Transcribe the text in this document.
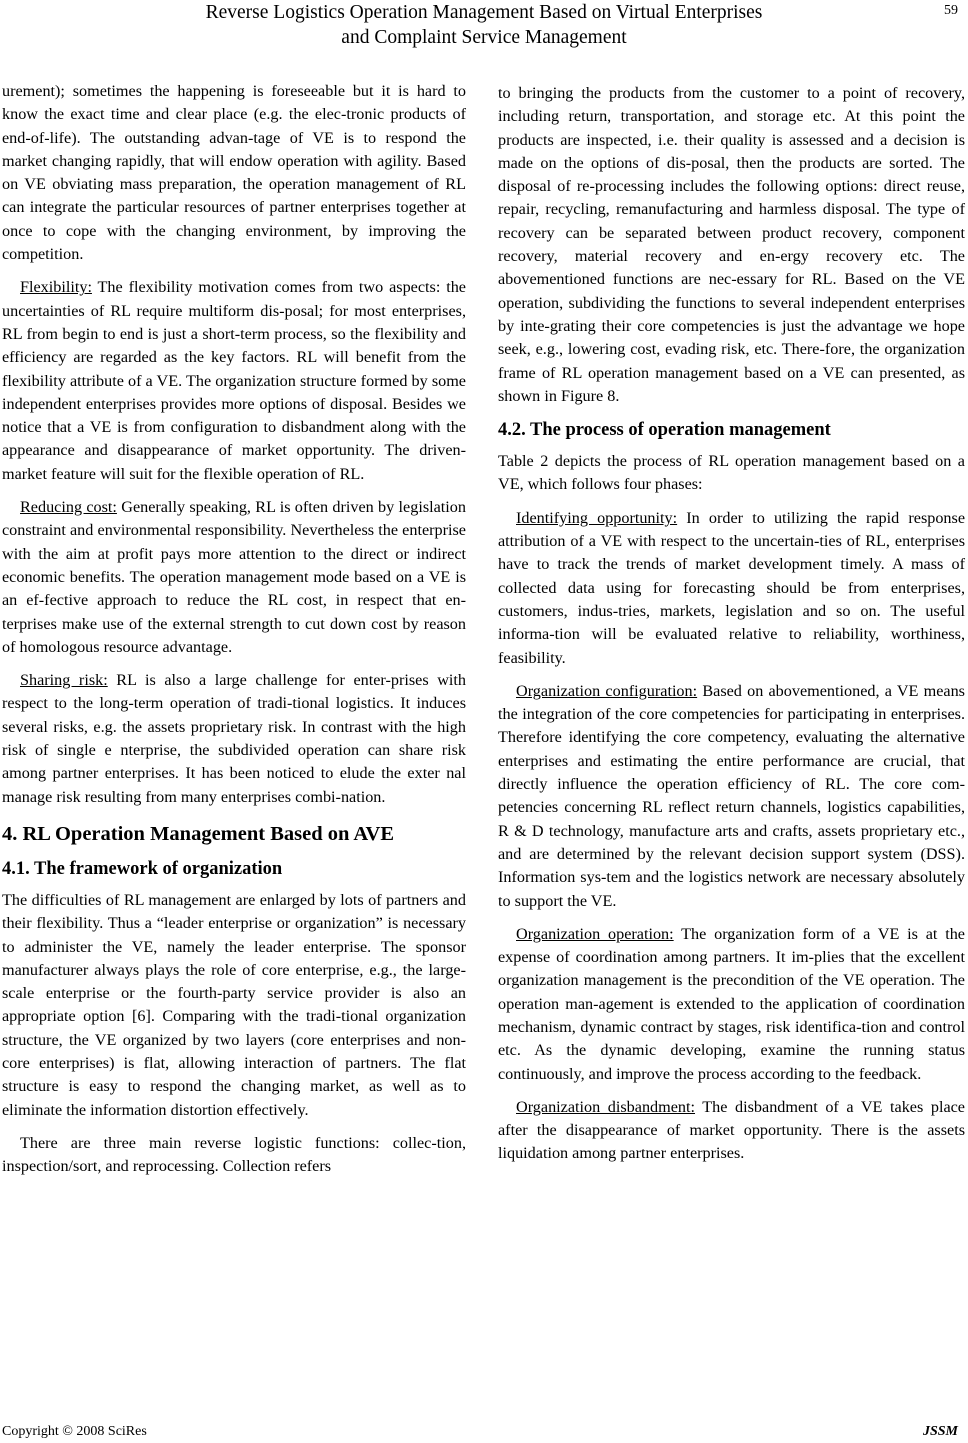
Reverse Logistics Operation Management Based on Virtual Enterprises
and Complaint Service Management
59

urement); sometimes the happening is foreseeable but it is hard to know the exact time and clear place (e.g. the elec-tronic products of end-of-life). The outstanding advan-tage of VE is to respond the market changing rapidly, that will endow operation with agility. Based on VE obviating mass preparation, the operation management of RL can integrate the particular resources of partner enterprises together at once to cope with the changing environment, by improving the competition.

Flexibility: The flexibility motivation comes from two aspects: the uncertainties of RL require multiform dis-posal; for most enterprises, RL from begin to end is just a short-term process, so the flexibility and efficiency are regarded as the key factors. RL will benefit from the flexibility attribute of a VE. The organization structure formed by some independent enterprises provides more options of disposal. Besides we notice that a VE is from configuration to disbandment along with the appearance and disappearance of market opportunity. The driven-market feature will suit for the flexible operation of RL.

Reducing cost: Generally speaking, RL is often driven by legislation constraint and environmental responsibility. Nevertheless the enterprise with the aim at profit pays more attention to the direct or indirect economic benefits. The operation management mode based on a VE is an ef-fective approach to reduce the RL cost, in respect that en-terprises make use of the external strength to cut down cost by reason of homologous resource advantage.

Sharing risk: RL is also a large challenge for enter-prises with respect to the long-term operation of tradi-tional logistics. It induces several risks, e.g. the assets proprietary risk. In contrast with the high risk of single e nterprise, the subdivided operation can share risk among partner enterprises. It has been noticed to elude the exter nal manage risk resulting from many enterprises combi-nation.

4. RL Operation Management Based on AVE
4.1. The framework of organization

The difficulties of RL management are enlarged by lots of partners and their flexibility. Thus a “leader enterprise or organization” is necessary to administer the VE, namely the leader enterprise. The sponsor manufacturer always plays the role of core enterprise, e.g., the large-scale enterprise or the fourth-party service provider is also an appropriate option [6]. Comparing with the tradi-tional organization structure, the VE organized by two layers (core enterprises and non-core enterprises) is flat, allowing interaction of partners. The flat structure is easy to respond the changing market, as well as to eliminate the information distortion effectively.

There are three main reverse logistic functions: collec-tion, inspection/sort, and reprocessing. Collection refers

to bringing the products from the customer to a point of recovery, including return, transportation, and storage etc. At this point the products are inspected, i.e. their quality is assessed and a decision is made on the options of dis-posal, then the products are sorted. The disposal of re-processing includes the following options: direct reuse, repair, recycling, remanufacturing and harmless disposal. The type of recovery can be separated between product recovery, component recovery, material recovery and en-ergy recovery etc. The abovementioned functions are nec-essary for RL. Based on the VE operation, subdividing the functions to several independent enterprises by inte-grating their core competencies is just the advantage we hope seek, e.g., lowering cost, evading risk, etc. There-fore, the organization frame of RL operation management based on a VE can presented, as shown in Figure 8.

4.2. The process of operation management

Table 2 depicts the process of RL operation management based on a VE, which follows four phases:

Identifying opportunity: In order to utilizing the rapid response attribution of a VE with respect to the uncertain-ties of RL, enterprises have to track the trends of market development timely. A mass of collected data using for forecasting should be from enterprises, customers, indus-tries, markets, legislation and so on. The useful informa-tion will be evaluated relative to reliability, worthiness, feasibility.

Organization configuration: Based on abovementioned, a VE means the integration of the core competencies for participating in enterprises. Therefore identifying the core competency, evaluating the alternative enterprises and estimating the entire performance are crucial, that directly influence the operation efficiency of RL. The core com-petencies concerning RL reflect return channels, logistics capabilities, R & D technology, manufacture arts and crafts, assets proprietary etc., and are determined by the relevant decision support system (DSS). Information sys-tem and the logistics network are necessary absolutely to support the VE.

Organization operation: The organization form of a VE is at the expense of coordination among partners. It im-plies that the excellent organization management is the precondition of the VE operation. The operation man-agement is extended to the application of coordination mechanism, dynamic contract by stages, risk identifica-tion and control etc. As the dynamic developing, examine the running status continuously, and improve the process according to the feedback.

Organization disbandment: The disbandment of a VE takes place after the disappearance of market opportunity. There is the assets liquidation among partner enterprises.

Copyright © 2008 SciRes	JSSM
